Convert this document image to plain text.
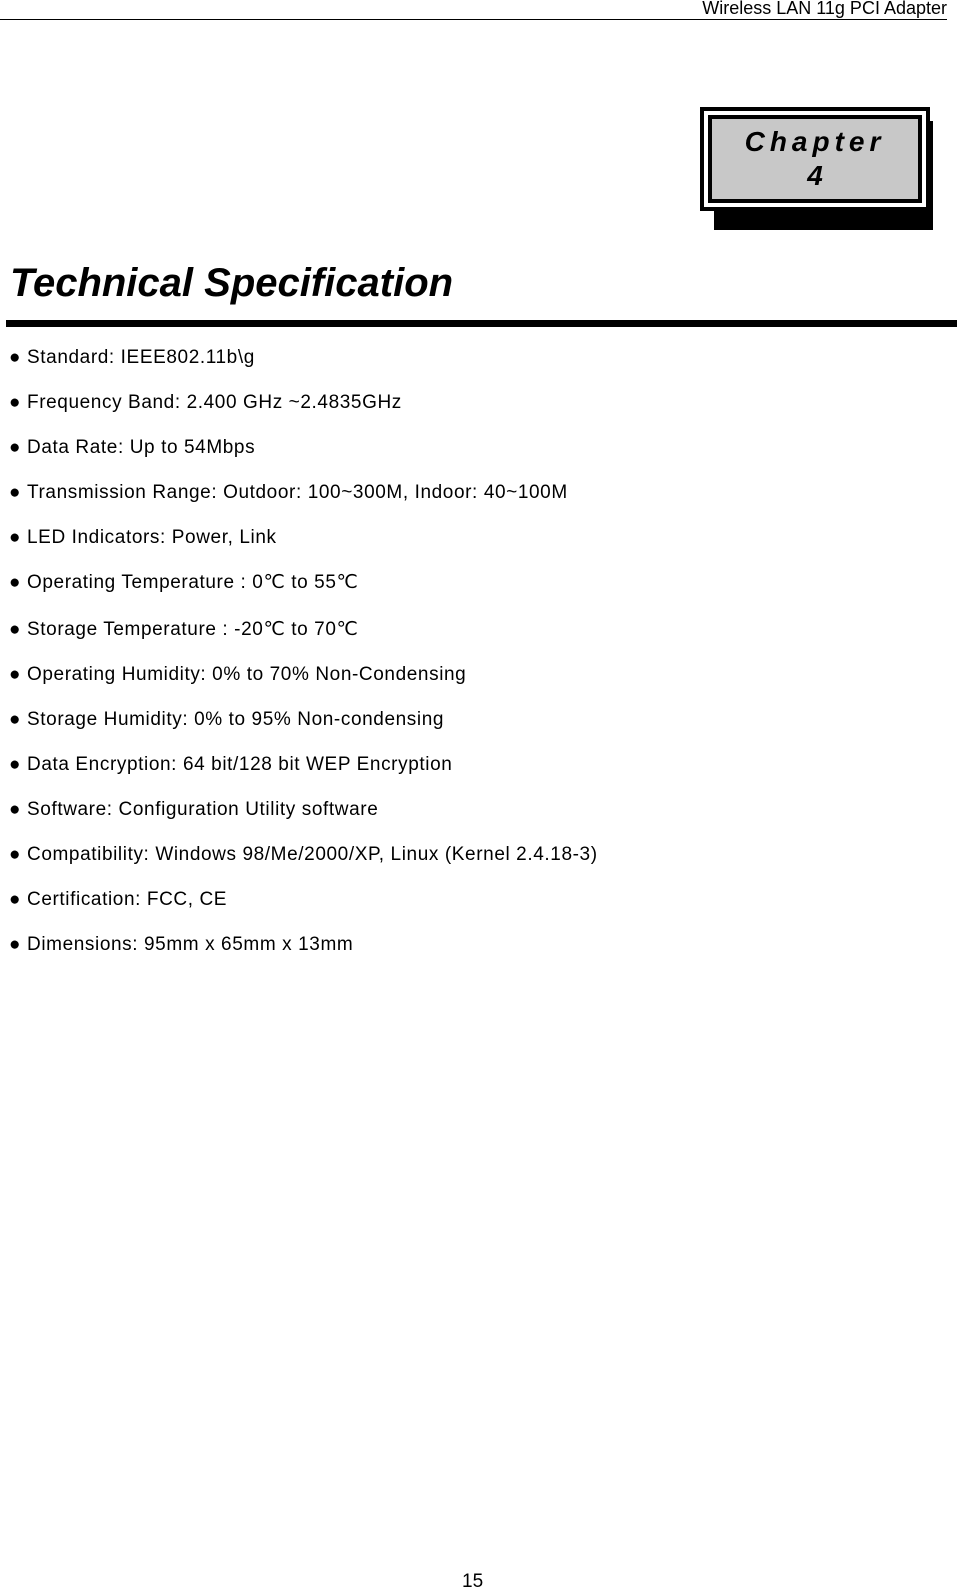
Wireless LAN 11g PCI Adapter
Chapter
4
Technical Specification
● Standard: IEEE802.11b\g
● Frequency Band: 2.400 GHz ~2.4835GHz
● Data Rate: Up to 54Mbps
● Transmission Range: Outdoor: 100~300M, Indoor: 40~100M
● LED Indicators: Power, Link
● Operating Temperature : 0℃ to 55℃
● Storage Temperature : -20℃ to 70℃
● Operating Humidity: 0% to 70% Non-Condensing
● Storage Humidity: 0% to 95% Non-condensing
● Data Encryption: 64 bit/128 bit WEP Encryption
● Software: Configuration Utility software
● Compatibility: Windows 98/Me/2000/XP, Linux (Kernel 2.4.18-3)
● Certification: FCC, CE
● Dimensions: 95mm x 65mm x 13mm
15
